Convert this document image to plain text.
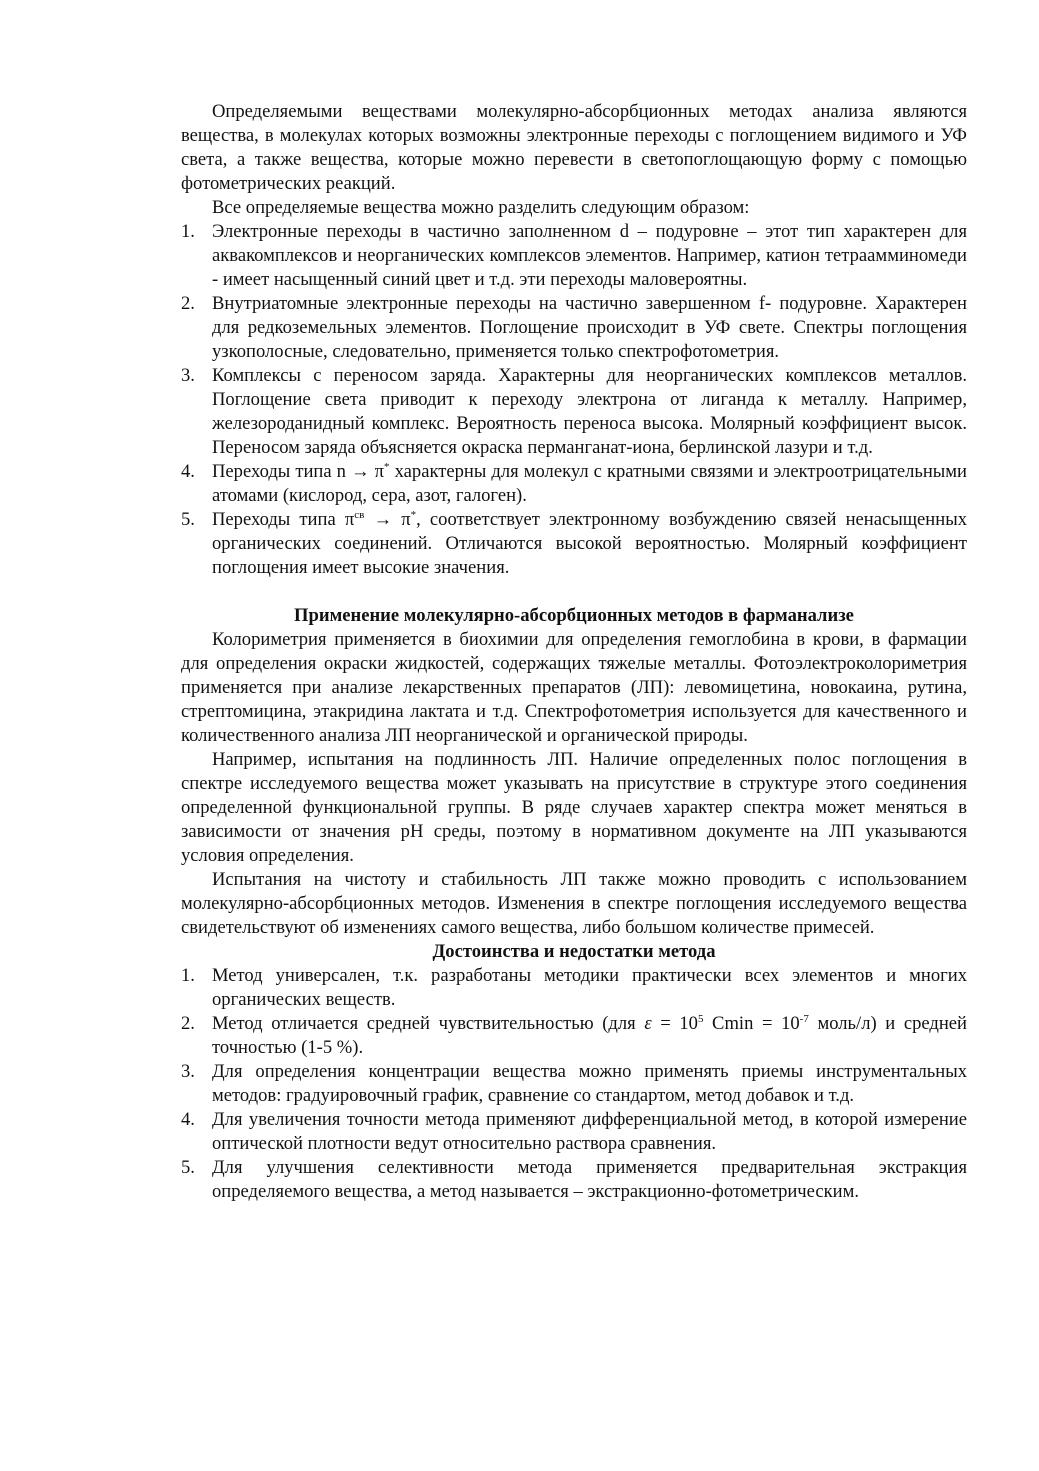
Определяемыми веществами молекулярно-абсорбционных методах анализа являются вещества, в молекулах которых возможны электронные переходы с поглощением видимого и УФ света, а также вещества, которые можно перевести в светопоглощающую форму с помощью фотометрических реакций.

Все определяемые вещества можно разделить следующим образом:

1. Электронные переходы в частично заполненном d – подуровне – этот тип характерен для аквакомплексов и неорганических комплексов элементов. Например, катион тетраамминомеди - имеет насыщенный синий цвет и т.д. эти переходы маловероятны.
2. Внутриатомные электронные переходы на частично завершенном f- подуровне. Характерен для редкоземельных элементов. Поглощение происходит в УФ свете. Спектры поглощения узкополосные, следовательно, применяется только спектрофотометрия.
3. Комплексы с переносом заряда. Характерны для неорганических комплексов металлов. Поглощение света приводит к переходу электрона от лиганда к металлу. Например, железороданидный комплекс. Вероятность переноса высока. Молярный коэффициент высок. Переносом заряда объясняется окраска перманганат-иона, берлинской лазури и т.д.
4. Переходы типа n → π* характерны для молекул с кратными связями и электроотрицательными атомами (кислород, сера, азот, галоген).
5. Переходы типа $\pi^{св} \to \pi^*$, соответствует электронному возбуждению связей ненасыщенных органических соединений. Отличаются высокой вероятностью. Молярный коэффициент поглощения имеет высокие значения.

Применение молекулярно-абсорбционных методов в фарманализе

Колориметрия применяется в биохимии для определения гемоглобина в крови, в фармации для определения окраски жидкостей, содержащих тяжелые металлы. Фотоэлектроколориметрия применяется при анализе лекарственных препаратов (ЛП): левомицетина, новокаина, рутина, стрептомицина, этакридина лактата и т.д. Спектрофотометрия используется для качественного и количественного анализа ЛП неорганической и органической природы.

Например, испытания на подлинность ЛП. Наличие определенных полос поглощения в спектре исследуемого вещества может указывать на присутствие в структуре этого соединения определенной функциональной группы. В ряде случаев характер спектра может меняться в зависимости от значения pH среды, поэтому в нормативном документе на ЛП указываются условия определения.

Испытания на чистоту и стабильность ЛП также можно проводить с использованием молекулярно-абсорбционных методов. Изменения в спектре поглощения исследуемого вещества свидетельствуют об изменениях самого вещества, либо большом количестве примесей.

Достоинства и недостатки метода

1. Метод универсален, т.к. разработаны методики практически всех элементов и многих органических веществ.
2. Метод отличается средней чувствительностью (для $\varepsilon = 10^5$ $Cmin = 10^{-7}$ моль/л) и средней точностью (1-5 %).
3. Для определения концентрации вещества можно применять приемы инструментальных методов: градуировочный график, сравнение со стандартом, метод добавок и т.д.
4. Для увеличения точности метода применяют дифференциальной метод, в которой измерение оптической плотности ведут относительно раствора сравнения.
5. Для улучшения селективности метода применяется предварительная экстракция определяемого вещества, а метод называется – экстракционно-фотометрическим.
